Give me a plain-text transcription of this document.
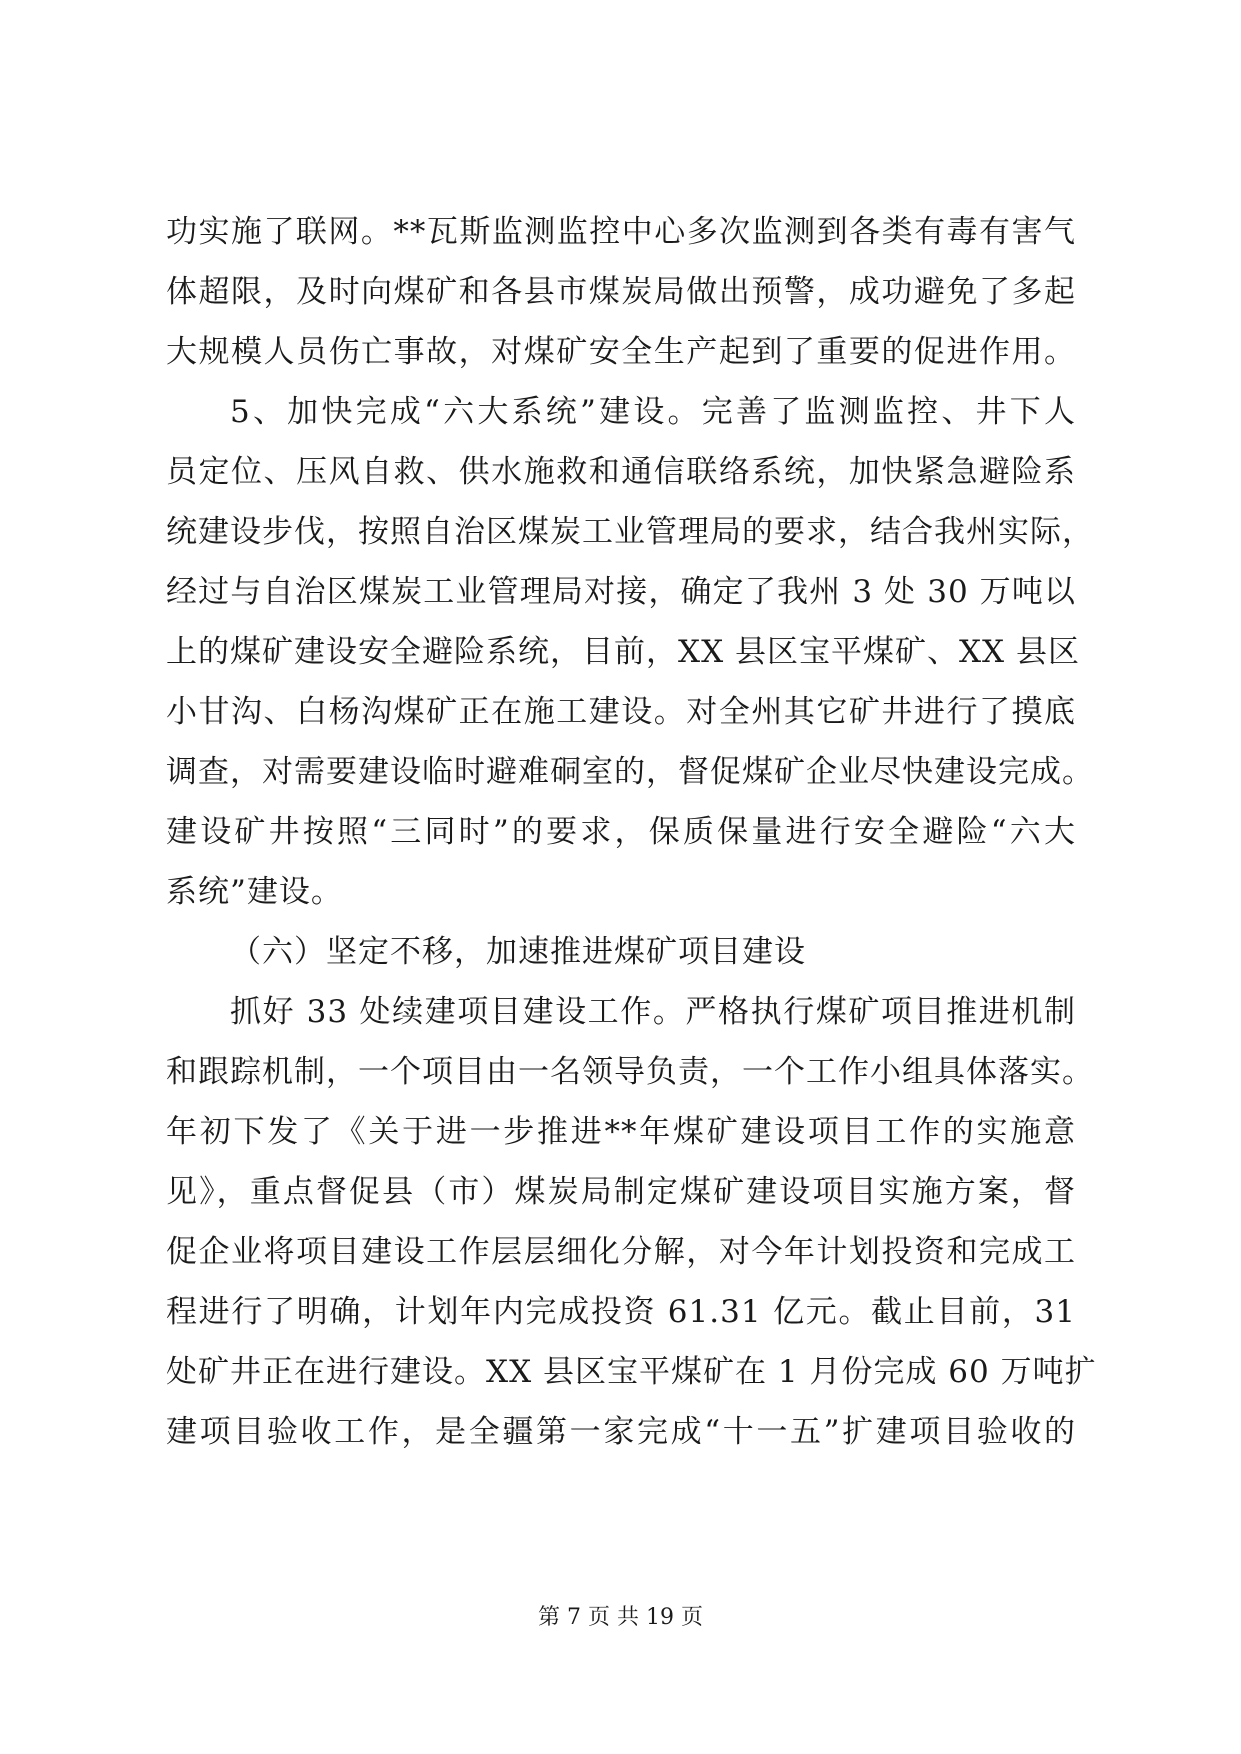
功实施了联网。**瓦斯监测监控中心多次监测到各类有毒有害气
体超限，及时向煤矿和各县市煤炭局做出预警，成功避免了多起
大规模人员伤亡事故，对煤矿安全生产起到了重要的促进作用。
5、加快完成“六大系统”建设。完善了监测监控、井下人
员定位、压风自救、供水施救和通信联络系统，加快紧急避险系
统建设步伐，按照自治区煤炭工业管理局的要求，结合我州实际，
经过与自治区煤炭工业管理局对接，确定了我州 3 处 30 万吨以
上的煤矿建设安全避险系统，目前，XX 县区宝平煤矿、XX 县区
小甘沟、白杨沟煤矿正在施工建设。对全州其它矿井进行了摸底
调查，对需要建设临时避难硐室的，督促煤矿企业尽快建设完成。
建设矿井按照“三同时”的要求，保质保量进行安全避险“六大
系统”建设。
（六）坚定不移，加速推进煤矿项目建设
抓好 33 处续建项目建设工作。严格执行煤矿项目推进机制
和跟踪机制，一个项目由一名领导负责，一个工作小组具体落实。
年初下发了《关于进一步推进**年煤矿建设项目工作的实施意
见》，重点督促县（市）煤炭局制定煤矿建设项目实施方案，督
促企业将项目建设工作层层细化分解，对今年计划投资和完成工
程进行了明确，计划年内完成投资 61.31 亿元。截止目前，31
处矿井正在进行建设。XX 县区宝平煤矿在 1 月份完成 60 万吨扩
建项目验收工作，是全疆第一家完成“十一五”扩建项目验收的
第 7 页 共 19 页
